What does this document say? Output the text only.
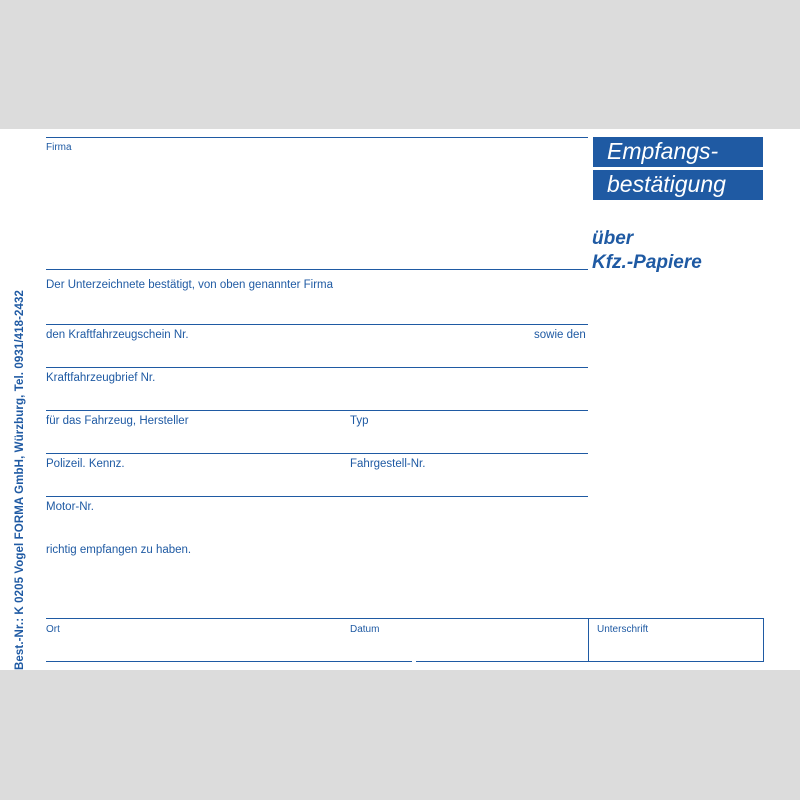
Best.-Nr.: K 0205 Vogel FORMA GmbH, Würzburg, Tel. 0931/418-2432
Empfangs-
bestätigung
über
Kfz.-Papiere
Firma
Der Unterzeichnete bestätigt, von oben genannter Firma
den Kraftfahrzeugschein Nr.	sowie den
Kraftfahrzeugbrief Nr.
für das Fahrzeug, Hersteller	Typ
Polizeil. Kennz.	Fahrgestell-Nr.
Motor-Nr.
richtig empfangen zu haben.
Ort	Datum	Unterschrift
